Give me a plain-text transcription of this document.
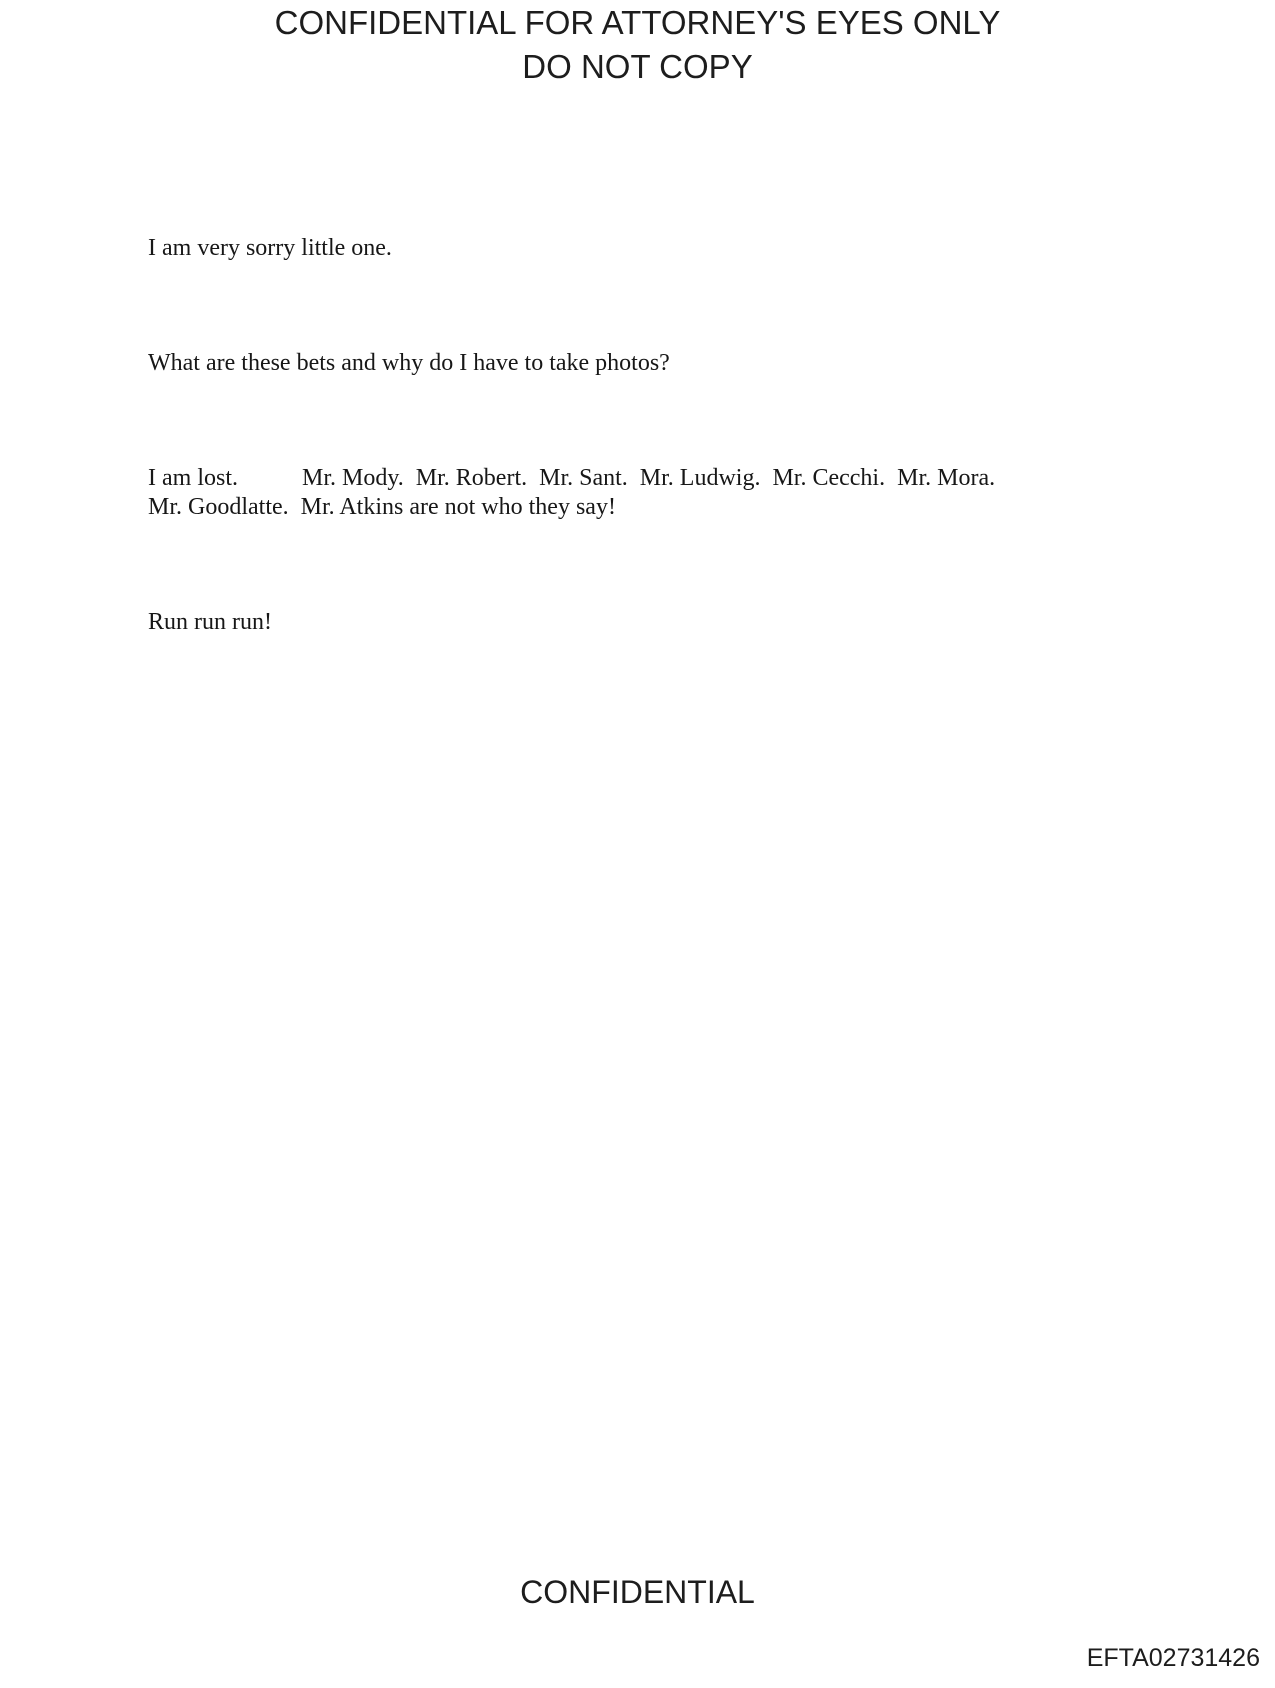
CONFIDENTIAL FOR ATTORNEY'S EYES ONLY
DO NOT COPY

I am very sorry little one.

What are these bets and why do I have to take photos?

I am lost.	Mr. Mody.  Mr. Robert.  Mr. Sant.  Mr. Ludwig.  Mr. Cecchi.  Mr. Mora.
Mr. Goodlatte.  Mr. Atkins are not who they say!

Run run run!

CONFIDENTIAL
EFTA02731426
